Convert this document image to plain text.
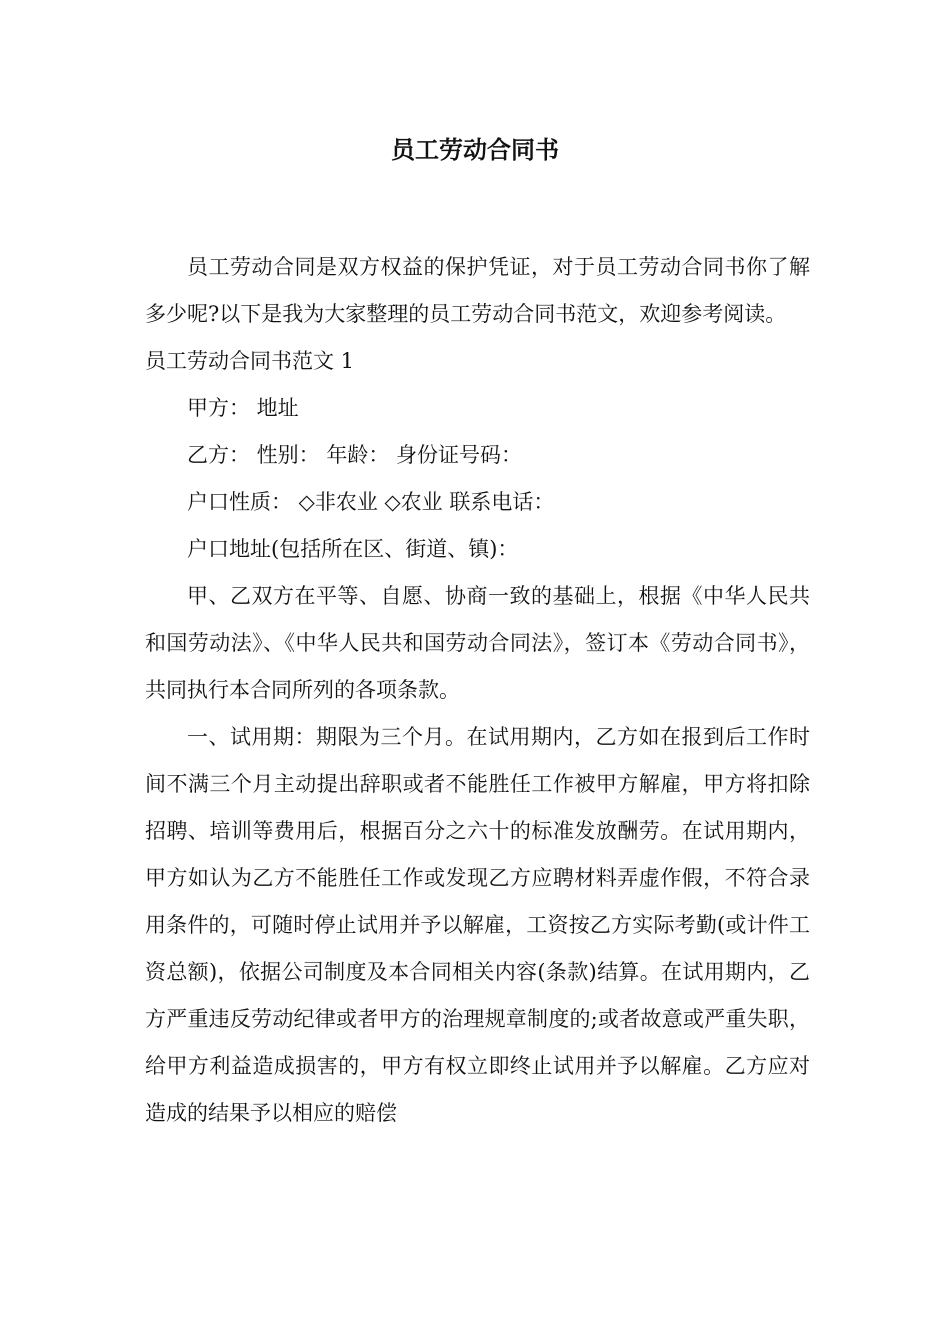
员工劳动合同书

员工劳动合同是双方权益的保护凭证，对于员工劳动合同书你了解多少呢?以下是我为大家整理的员工劳动合同书范文，欢迎参考阅读。

员工劳动合同书范文 1

甲方： 地址

乙方： 性别： 年龄： 身份证号码：

户口性质： ◇非农业 ◇农业 联系电话：

户口地址(包括所在区、街道、镇)：

甲、乙双方在平等、自愿、协商一致的基础上，根据《中华人民共和国劳动法》、《中华人民共和国劳动合同法》，签订本《劳动合同书》，共同执行本合同所列的各项条款。

一、试用期：期限为三个月。在试用期内，乙方如在报到后工作时间不满三个月主动提出辞职或者不能胜任工作被甲方解雇，甲方将扣除招聘、培训等费用后，根据百分之六十的标准发放酬劳。在试用期内，甲方如认为乙方不能胜任工作或发现乙方应聘材料弄虚作假，不符合录用条件的，可随时停止试用并予以解雇，工资按乙方实际考勤(或计件工资总额)，依据公司制度及本合同相关内容(条款)结算。在试用期内，乙方严重违反劳动纪律或者甲方的治理规章制度的;或者故意或严重失职，给甲方利益造成损害的，甲方有权立即终止试用并予以解雇。乙方应对造成的结果予以相应的赔偿
